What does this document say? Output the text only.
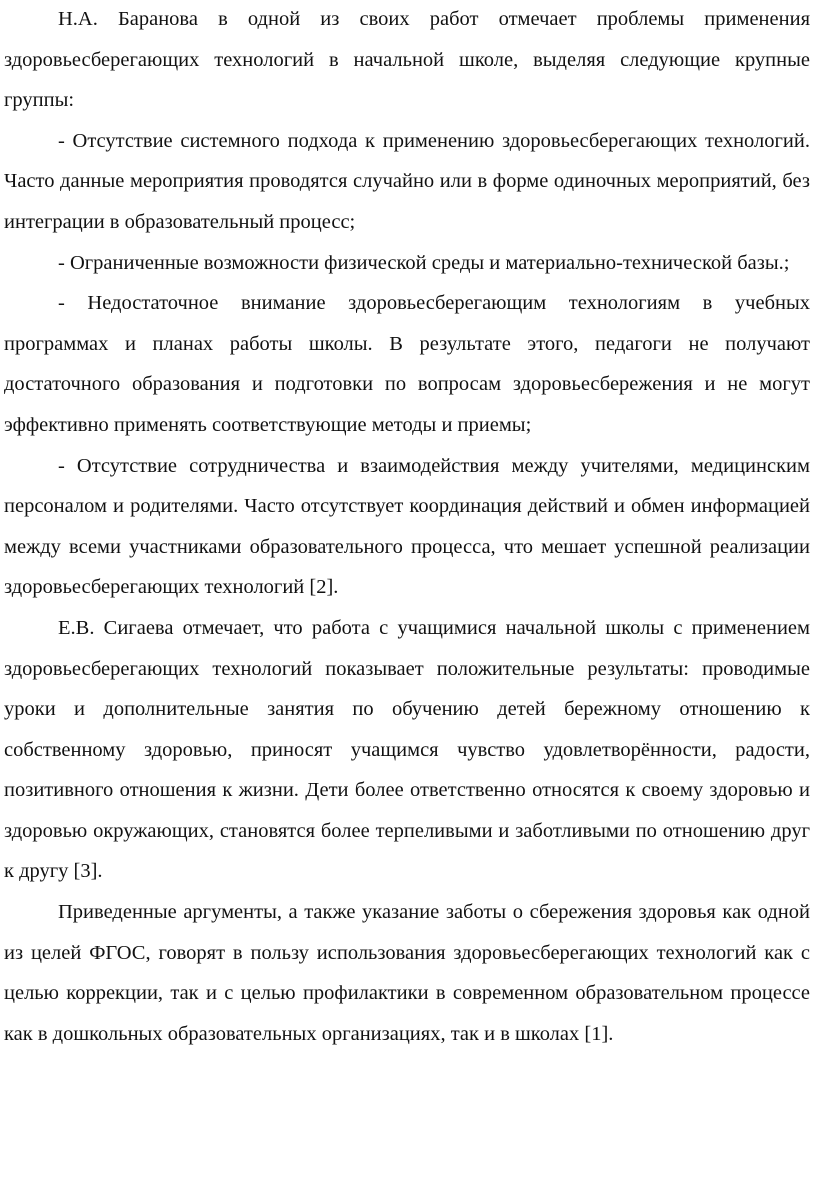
Н.А. Баранова в одной из своих работ отмечает проблемы применения здоровьесберегающих технологий в начальной школе, выделяя следующие крупные группы:

- Отсутствие системного подхода к применению здоровьесберегающих технологий. Часто данные мероприятия проводятся случайно или в форме одиночных мероприятий, без интеграции в образовательный процесс;

- Ограниченные возможности физической среды и материально-технической базы.;

- Недостаточное внимание здоровьесберегающим технологиям в учебных программах и планах работы школы. В результате этого, педагоги не получают достаточного образования и подготовки по вопросам здоровьесбережения и не могут эффективно применять соответствующие методы и приемы;

- Отсутствие сотрудничества и взаимодействия между учителями, медицинским персоналом и родителями. Часто отсутствует координация действий и обмен информацией между всеми участниками образовательного процесса, что мешает успешной реализации здоровьесберегающих технологий [2].

Е.В. Сигаева отмечает, что работа с учащимися начальной школы с применением здоровьесберегающих технологий показывает положительные результаты: проводимые уроки и дополнительные занятия по обучению детей бережному отношению к собственному здоровью, приносят учащимся чувство удовлетворённости, радости, позитивного отношения к жизни. Дети более ответственно относятся к своему здоровью и здоровью окружающих, становятся более терпеливыми и заботливыми по отношению друг к другу [3].

Приведенные аргументы, а также указание заботы о сбережения здоровья как одной из целей ФГОС, говорят в пользу использования здоровьесберегающих технологий как с целью коррекции, так и с целью профилактики в современном образовательном процессе как в дошкольных образовательных организациях, так и в школах [1].
